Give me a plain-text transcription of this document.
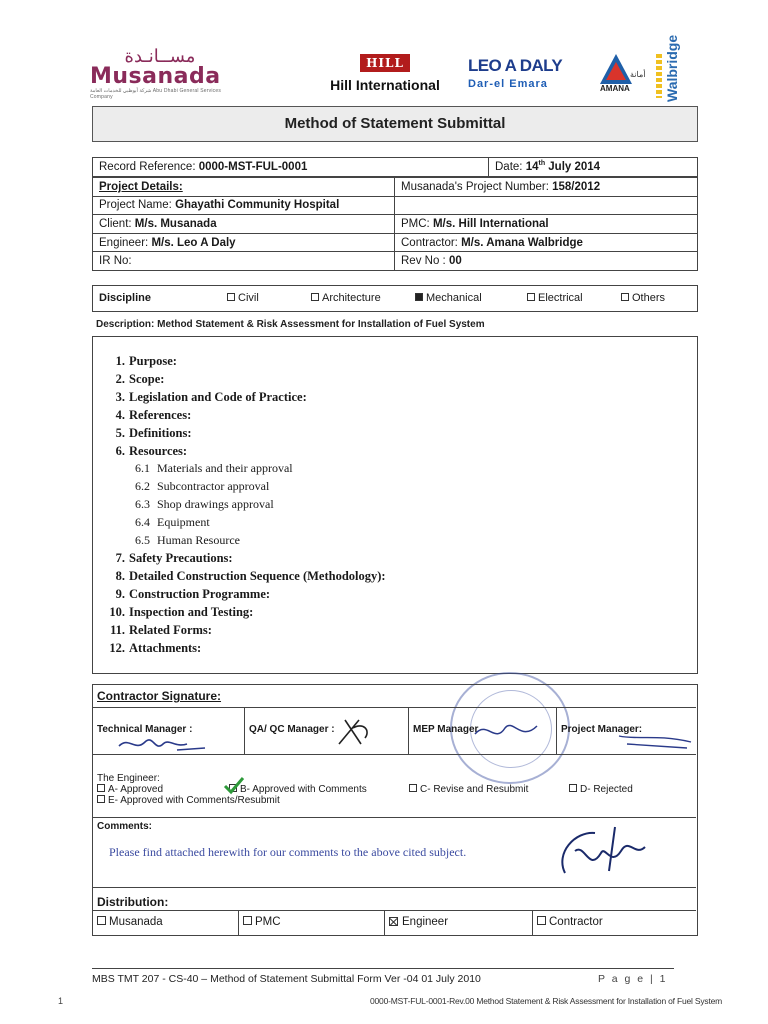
مســانـدة
Musanada
شركة أبوظبي للخدمات العامة Abu Dhabi General Services Company
HILL
Hill International
LEO A DALY
Dar-el Emara	AMANA
أمانة Walbridge
Method of Statement Submittal
Record Reference: 0000-MST-FUL-0001	Date: 14th July 2014
Project Details:	Musanada's Project Number: 158/2012
Project Name: Ghayathi Community Hospital	
Client: M/s. Musanada	PMC: M/s. Hill International
Engineer: M/s. Leo A Daly	Contractor: M/s. Amana Walbridge
IR No:	Rev No : 00
Discipline	Civil	Architecture	Mechanical	Electrical	Others
Description: Method Statement & Risk Assessment for Installation of Fuel System
1. Purpose:
2. Scope:
3. Legislation and Code of Practice:
4. References:
5. Definitions:
6. Resources:
6.1 Materials and their approval
6.2 Subcontractor approval
6.3 Shop drawings approval
6.4 Equipment
6.5 Human Resource
7. Safety Precautions:
8. Detailed Construction Sequence (Methodology):
9. Construction Programme:
10. Inspection and Testing:
11. Related Forms:
12. Attachments:
Contractor Signature:
Technical Manager :	QA/ QC Manager :	MEP Manager	Project Manager:
The Engineer:
A- Approved	B- Approved with Comments	C- Revise and Resubmit	D- Rejected
E- Approved with Comments/Resubmit
Comments:
Please find attached herewith for our comments to the above cited subject.
Distribution:
Musanada	PMC	Engineer	Contractor
MBS TMT 207 - CS-40 – Method of Statement Submittal Form Ver -04 01 July 2010	P a g e | 1
1	0000-MST-FUL-0001-Rev.00 Method Statement & Risk Assessment for Installation of Fuel System
